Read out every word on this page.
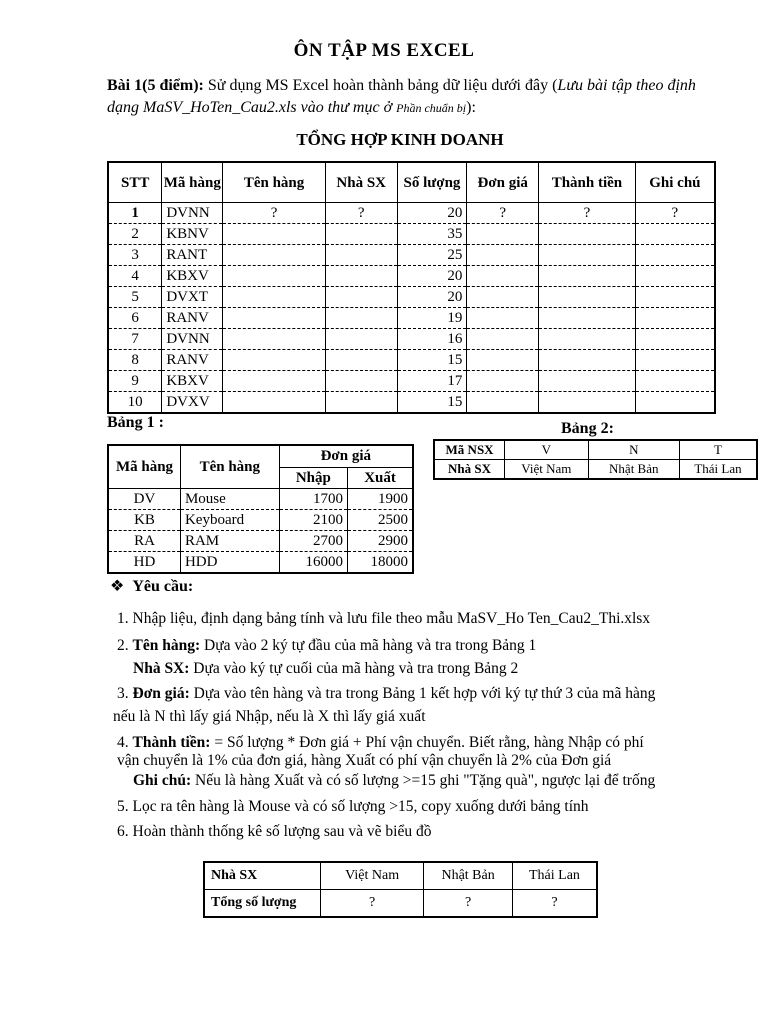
ÔN TẬP MS EXCEL
Bài 1(5 điểm): Sử dụng MS Excel hoàn thành bảng dữ liệu dưới đây (Lưu bài tập theo định dạng MaSV_HoTen_Cau2.xls vào thư mục ở Phần chuẩn bị):
TỔNG HỢP KINH DOANH
STT	Mã hàng	Tên hàng	Nhà SX	Số lượng	Đơn giá	Thành tiền	Ghi chú
1	DVNN	?	?	20	?	?	?
2	KBNV			35			
3	RANT			25			
4	KBXV			20			
5	DVXT			20			
6	RANV			19			
7	DVNN			16			
8	RANV			15			
9	KBXV			17			
10	DVXV			15			
Bảng 1 :	Bảng 2:
Mã hàng	Tên hàng	Đơn giá	
		Nhập	Xuất
DV	Mouse	1700	1900
KB	Keyboard	2100	2500
RA	RAM	2700	2900
HD	HDD	16000	18000
Mã NSX	V	N	T
Nhà SX	Việt Nam	Nhật Bản	Thái Lan
❖ Yêu cầu:
1. Nhập liệu, định dạng bảng tính và lưu file theo mẫu MaSV_Ho Ten_Cau2_Thi.xlsx
2. Tên hàng: Dựa vào 2 ký tự đầu của mã hàng và tra trong Bảng 1
Nhà SX: Dựa vào ký tự cuối của mã hàng và tra trong Bảng 2
3. Đơn giá: Dựa vào tên hàng và tra trong Bảng 1 kết hợp với ký tự thứ 3 của mã hàng
nếu là N thì lấy giá Nhập, nếu là X thì lấy giá xuất
4. Thành tiền: = Số lượng * Đơn giá + Phí vận chuyển. Biết rằng, hàng Nhập có phí
vận chuyển là 1% của đơn giá, hàng Xuất có phí vận chuyển là 2% của Đơn giá
Ghi chú: Nếu là hàng Xuất và có số lượng >=15 ghi "Tặng quà", ngược lại để trống
5. Lọc ra tên hàng là Mouse và có số lượng >15, copy xuống dưới bảng tính
6. Hoàn thành thống kê số lượng sau và vẽ biểu đồ
Nhà SX	Việt Nam	Nhật Bản	Thái Lan
Tổng số lượng	?	?	?
